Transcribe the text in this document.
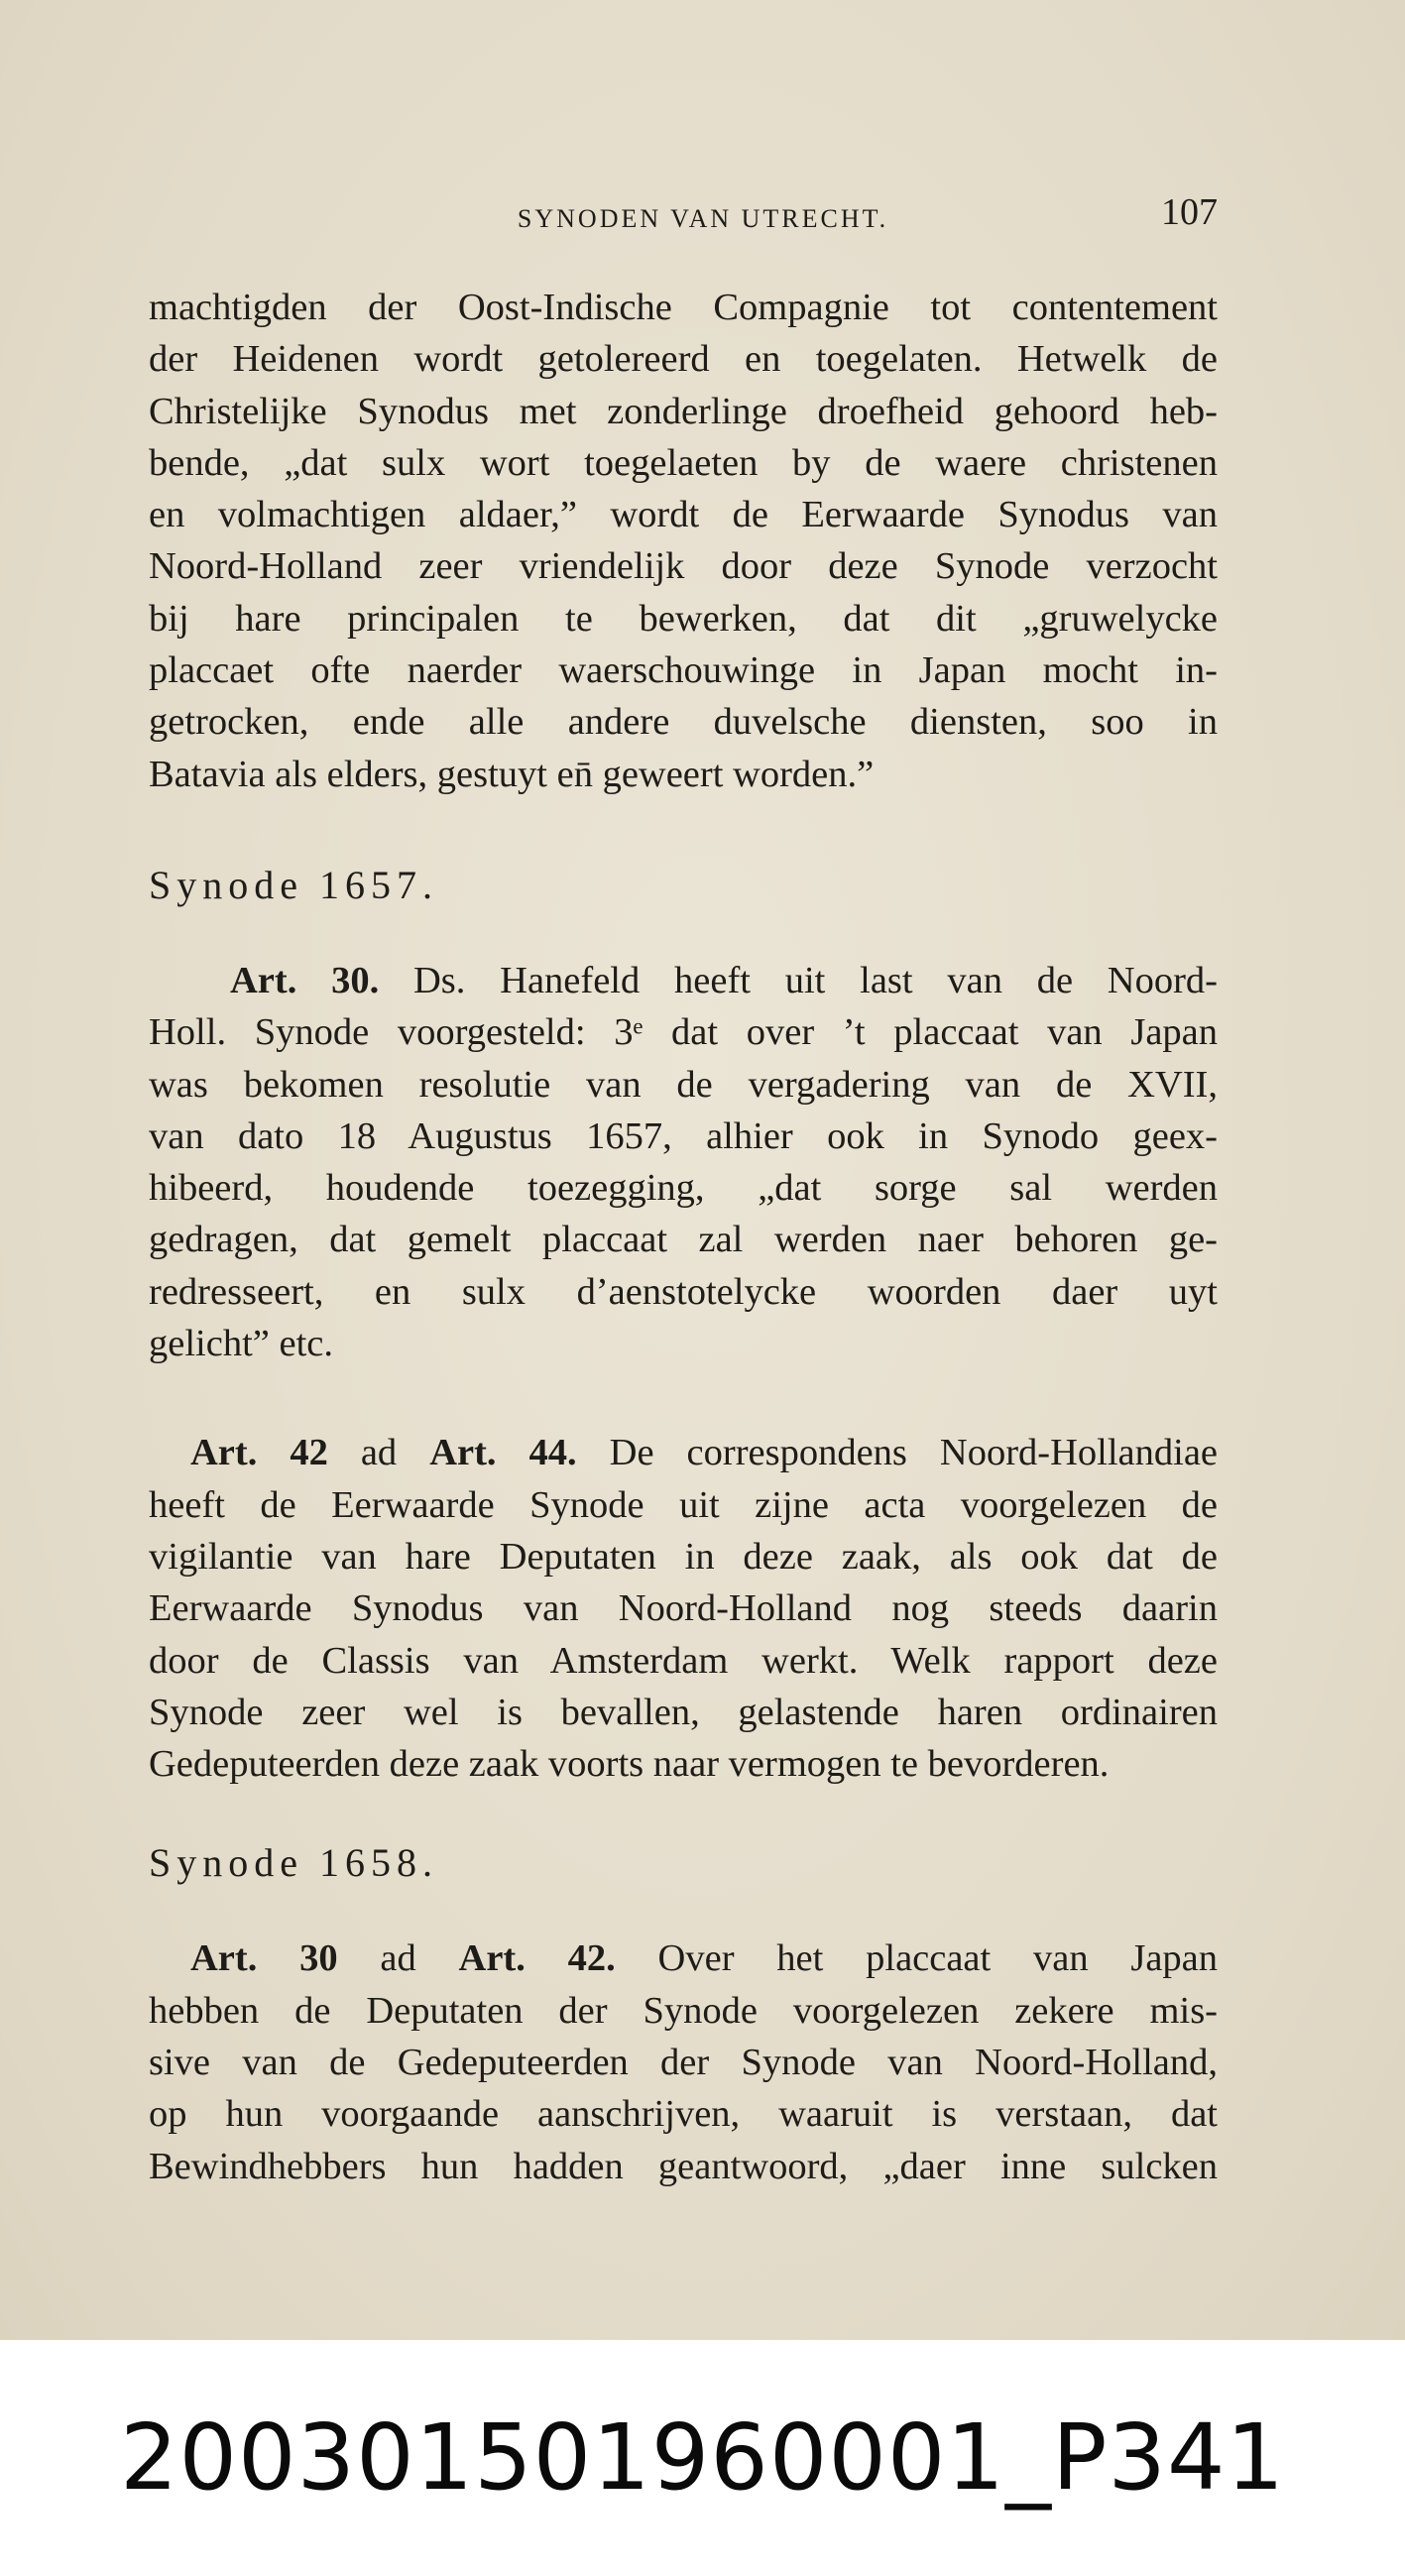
SYNODEN VAN UTRECHT.	107
machtigden der Oost-Indische Compagnie tot contentement
der Heidenen wordt getolereerd en toegelaten. Hetwelk de
Christelijke Synodus met zonderlinge droefheid gehoord heb-
bende, „dat sulx wort toegelaeten by de waere christenen
en volmachtigen aldaer,” wordt de Eerwaarde Synodus van
Noord-Holland zeer vriendelijk door deze Synode verzocht
bij hare principalen te bewerken, dat dit „gruwelycke
placcaet ofte naerder waerschouwinge in Japan mocht in-
getrocken, ende alle andere duvelsche diensten, soo in
Batavia als elders, gestuyt en̄ geweert worden.”
Synode 1657.
Art. 30. Ds. Hanefeld heeft uit last van de Noord-
Holl. Synode voorgesteld: 3ᵉ dat over ’t placcaat van Japan
was bekomen resolutie van de vergadering van de XVII,
van dato 18 Augustus 1657, alhier ook in Synodo geex-
hibeerd, houdende toezegging, „dat sorge sal werden
gedragen, dat gemelt placcaat zal werden naer behoren ge-
redresseert, en sulx d’aenstotelycke woorden daer uyt
gelicht” etc.
Art. 42 ad Art. 44. De correspondens Noord-Hollandiae
heeft de Eerwaarde Synode uit zijne acta voorgelezen de
vigilantie van hare Deputaten in deze zaak, als ook dat de
Eerwaarde Synodus van Noord-Holland nog steeds daarin
door de Classis van Amsterdam werkt. Welk rapport deze
Synode zeer wel is bevallen, gelastende haren ordinairen
Gedeputeerden deze zaak voorts naar vermogen te bevorderen.
Synode 1658.
Art. 30 ad Art. 42. Over het placcaat van Japan
hebben de Deputaten der Synode voorgelezen zekere mis-
sive van de Gedeputeerden der Synode van Noord-Holland,
op hun voorgaande aanschrijven, waaruit is verstaan, dat
Bewindhebbers hun hadden geantwoord, „daer inne sulcken
20030150196000​1_P341
